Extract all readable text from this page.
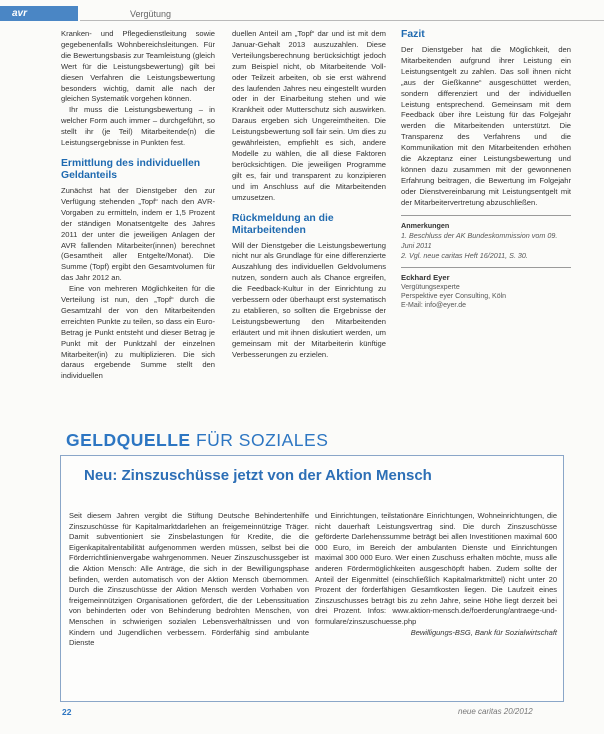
avr	Vergütung

Kranken- und Pflegedienstleitung sowie gegebenenfalls Wohnbereichsleitungen. Für die Bewertungsbasis zur Teamleistung (gleich Wert für die Leistungsbewertung) gilt bei diesen Verfahren die Leistungsbewertung besonders wichtig, damit alle nach der gleichen Systematik vorgehen können.

Ihr muss die Leistungsbewertung – in welcher Form auch immer – durchgeführt, so stellt ihr (je Teil) Mitarbeitende(n) die Leistungsergebnisse in Punkten fest.

Ermittlung des individuellen Geldanteils

Zunächst hat der Dienstgeber den zur Verfügung stehenden „Topf“ nach den AVR-Vorgaben zu ermitteln, indem er 1,5 Prozent der ständigen Monatsentgelte des Jahres 2011 der unter die jeweiligen Anlagen der AVR fallenden Mitarbeiter(innen) berechnet (Gesamtheit aller Entgelte/Monat). Die Summe (Topf) ergibt den Gesamtvolumen für das Jahr 2012 an.

Eine von mehreren Möglichkeiten für die Verteilung ist nun, den „Topf“ durch die Gesamtzahl der von den Mitarbeitenden erreichten Punkte zu teilen, so dass ein Euro-Betrag je Punkt entsteht und dieser Betrag je Punkt mit der Punktzahl der einzelnen Mitarbeiter(in) zu multiplizieren. Die sich daraus ergebende Summe stellt den individuellen

duellen Anteil am „Topf“ dar und ist mit dem Januar-Gehalt 2013 auszuzahlen. Diese Verteilungsberechnung berücksichtigt jedoch zum Beispiel nicht, ob Mitarbeitende Voll- oder Teilzeit arbeiten, ob sie erst während des laufenden Jahres neu eingestellt wurden oder in der Einarbeitung stehen und wie Krankheit oder Mutterschutz sich auswirken. Daraus ergeben sich Ungereimtheiten. Die Leistungsbewertung soll fair sein. Um dies zu gewährleisten, empfiehlt es sich, andere Modelle zu wählen, die all diese Faktoren berücksichtigen. Die jeweiligen Programme gilt es, fair und transparent zu konzipieren und im Anschluss auf die Mitarbeitenden umzusetzen.

Rückmeldung an die Mitarbeitenden

Will der Dienstgeber die Leistungsbewertung nicht nur als Grundlage für eine differenzierte Auszahlung des individuellen Geldvolumens nutzen, sondern auch als Chance ergreifen, die Feedback-Kultur in der Einrichtung zu verbessern oder überhaupt erst systematisch zu etablieren, so sollten die Ergebnisse der Leistungsbewertung den Mitarbeitenden erläutert und mit ihnen diskutiert werden, um gemeinsam mit der Mitarbeiterin künftige Verbesserungen zu erzielen.

Fazit

Der Dienstgeber hat die Möglichkeit, den Mitarbeitenden aufgrund ihrer Leistung ein Leistungsentgelt zu zahlen. Das soll ihnen nicht „aus der Gießkanne“ ausgeschüttet werden, sondern differenziert und der individuellen Leistung entsprechend. Gemeinsam mit dem Feedback über ihre Leistung für das Folgejahr werden die Mitarbeitenden unterstützt. Die Transparenz des Verfahrens und die Kommunikation mit den Mitarbeitenden erhöhen die Akzeptanz einer Leistungsbewertung und können dazu zusammen mit der gewonnenen Erfahrung beitragen, die Bewertung im Folgejahr oder Dienstvereinbarung mit Leistungsentgelt mit der Mitarbeitervertretung abzuschließen.

Anmerkungen
1. Beschluss der AK Bundeskommission vom 09. Juni 2011
2. Vgl. neue caritas Heft 16/2011, S. 30.
Eckhard Eyer
Vergütungsexperte
Perspektive eyer Consulting, Köln
E-Mail: info@eyer.de
GELDQUELLE FÜR SOZIALES
Neu: Zinszuschüsse jetzt von der Aktion Mensch

Seit diesem Jahren vergibt die Stiftung Deutsche Behindertenhilfe Zinszuschüsse für Kapitalmarktdarlehen an freigemeinnützige Träger. Damit subventioniert sie Zinsbelastungen für Kredite, die die Eigenkapitalrentabilität aufgenommen werden müssen, selbst bei die Förderrichtlinienvergabe wahrgenommen. Neuer Zinszuschussgeber ist die Aktion Mensch: Alle Anträge, die sich in der Bewilligungsphase befinden, werden automatisch von der Aktion Mensch übernommen. Durch die Zinszuschüsse der Aktion Mensch werden Vorhaben von freigemeinnützigen Organisationen gefördert, die der Lebenssituation von behinderten oder von Behinderung bedrohten Menschen, von Menschen in schwierigen sozialen Lebensverhältnissen und von Kindern und Jugendlichen verbessern. Förderfähig sind ambulante Dienste

und Einrichtungen, teilstationäre Einrichtungen, Wohneinrichtungen, die nicht dauerhaft Leistungsvertrag sind. Die durch Zinszuschüsse geförderte Darlehenssumme beträgt bei allen Investitionen maximal 600 000 Euro, im Bereich der ambulanten Dienste und Einrichtungen maximal 300 000 Euro. Wer einen Zuschuss erhalten möchte, muss alle anderen Fördermöglichkeiten ausgeschöpft haben. Zudem sollte der Anteil der Eigenmittel (einschließlich Kapitalmarktmittel) nicht unter 20 Prozent der förderfähigen Gesamtkosten liegen. Die Laufzeit eines Zinszuschusses beträgt bis zu zehn Jahre, seine Höhe liegt derzeit bei drei Prozent. Infos: www.aktion-mensch.de/foerderung/antraege-und-formulare/zinszuschuesse.php

Bewilligungs-BSG, Bank für Sozialwirtschaft

22	neue caritas 20/2012
